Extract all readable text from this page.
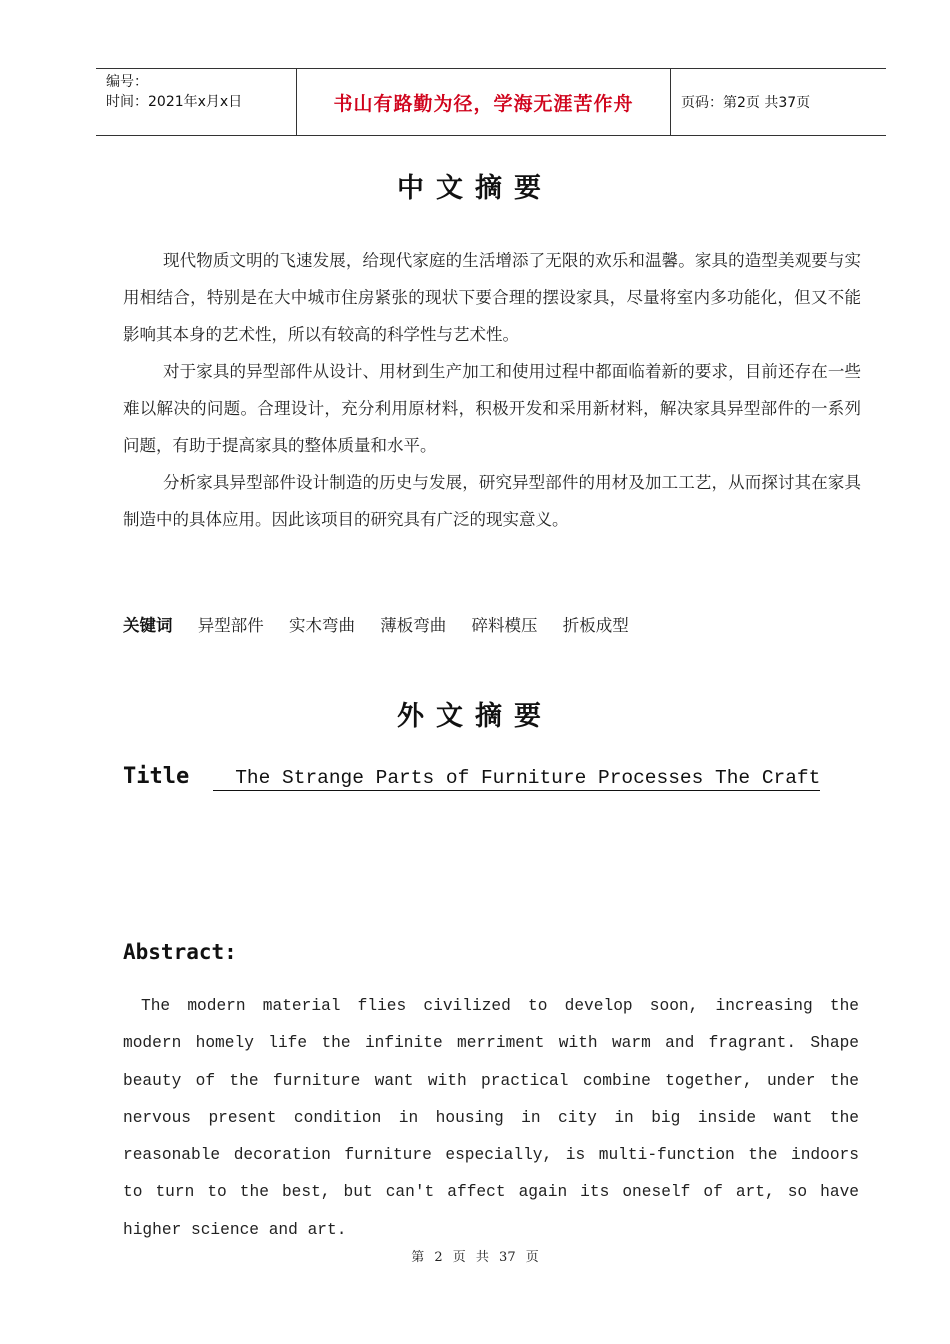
编号：
时间：2021年x月x日	书山有路勤为径，学海无涯苦作舟	页码：第2页 共37页
中文摘要

现代物质文明的飞速发展，给现代家庭的生活增添了无限的欢乐和温馨。家具的造型美观要与实用相结合，特别是在大中城市住房紧张的现状下要合理的摆设家具，尽量将室内多功能化，但又不能影响其本身的艺术性，所以有较高的科学性与艺术性。

对于家具的异型部件从设计、用材到生产加工和使用过程中都面临着新的要求，目前还存在一些难以解决的问题。合理设计，充分利用原材料，积极开发和采用新材料，解决家具异型部件的一系列问题，有助于提高家具的整体质量和水平。

分析家具异型部件设计制造的历史与发展，研究异型部件的用材及加工工艺，从而探讨其在家具制造中的具体应用。因此该项目的研究具有广泛的现实意义。

关键词 异型部件 实木弯曲 薄板弯曲 碎料模压 折板成型
外文摘要
Title	The Strange Parts of Furniture Processes The Craft
Abstract:

The modern material flies civilized to develop soon, increasing the modern homely life the infinite merriment with warm and fragrant. Shape beauty of the furniture want with practical combine together, under the nervous present condition in housing in city in big inside want the reasonable decoration furniture especially, is multi-function the indoors to turn to the best, but can't affect again its oneself of art, so have higher science and art.

第 2 页 共 37 页
